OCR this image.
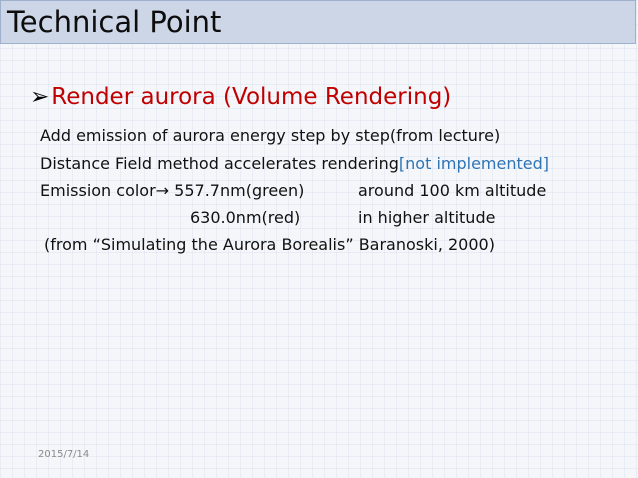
Technical Point
➢Render aurora (Volume Rendering)
Add emission of aurora energy step by step(from lecture)
Distance Field method accelerates rendering[not implemented]
Emission color→ 557.7nm(green)	around 100 km altitude
630.0nm(red)	in higher altitude
(from “Simulating the Aurora Borealis” Baranoski, 2000)
2015/7/14
